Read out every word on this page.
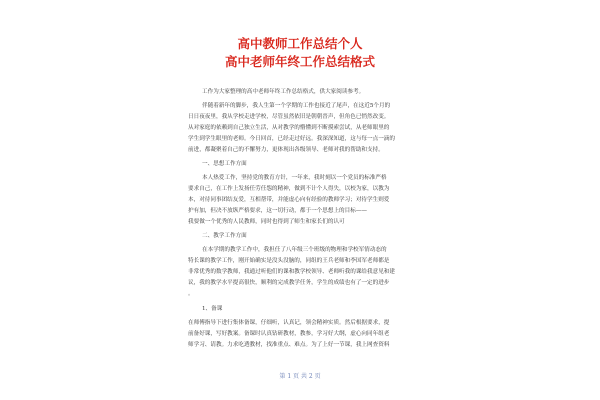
高中教师工作总结个人
高中老师年终工作总结格式
工作为大家整理的高中老师年终工作总结格式，供大家阅读参考。
伴随着新年的脚步，我人生第一个学期的工作也接近了尾声，在这近5个月的
日日夜夜里，我从学校走进学校，尽管虽然依旧是朝朝晋声，但角色已悄然改变。
从对家庭的依赖到自己独立生活，从对教学的懵懂到不断摸索尝试，从老师眼里的
学生到学生眼里的老师。今日回首，已经走过好远。我深深知道，这与每一点一滴的
前进，都凝聚着自己的不懈努力，更体现出各级领导、老师对我的帮助和支持。
一、思想工作方面
本人热爱工作，坚持党的教育方针，一年来，我时刻以一个党员的标准严格
要求自己，在工作上发扬任劳任怨的精神，做到不计个人得失，以校为家，以教为
本，对待同事团结友爱，互相帮带，并能虚心向有经验的教师学习；对待学生则爱
护有加，但决不放纵严格要求，这一切行动，都于一个思想上的目标——
我要做一个优秀的人民教师，同时也得到了师生和家长们的认可
二、教学工作方面
在本学期的教学工作中，我担任了八年级三个班级的物理和学校军情动态的
特长课的教学工作，刚开始确实是没头没脑的，同组的王兵老师和李国军老师都是
非常优秀的数学教师，我通过听他们的课和教学校领导、老师听我的课给我意见和建
议，我的教学水平提高很快，顺利的完成教学任务，学生的成绩也有了一定的进步
。
1、备课
在师傅指导下进行集体备课，仔细听，认真记，领会精神实质。然后根据要求，提
前备好课，写好教案。备课时认真钻研教材，教参，学习好大纲，虚心向同年组老
师学习、请教。力求吃透教材，找准重点、难点。为了上好一节课，我上网查资料
第 1 页 共 2 页
